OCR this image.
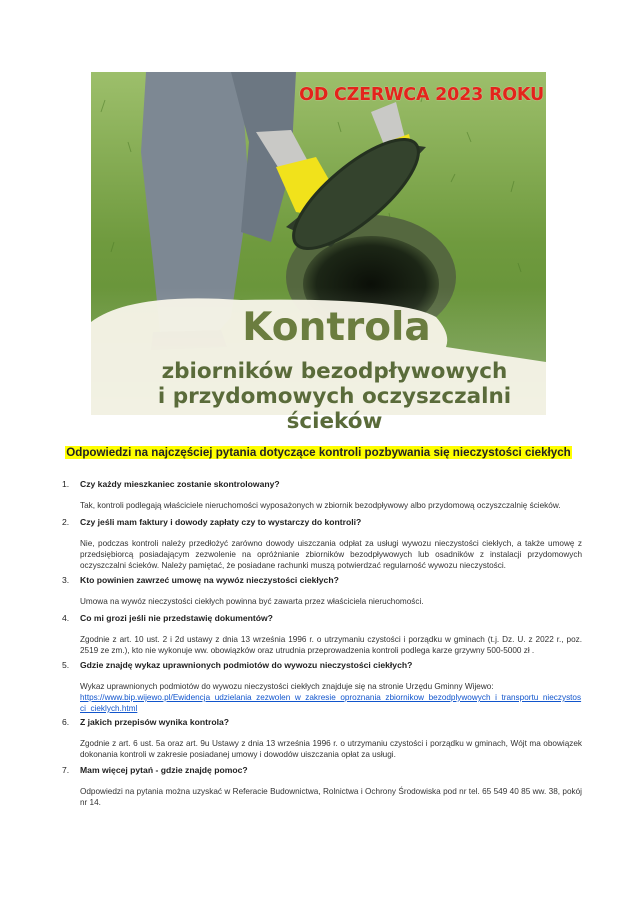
OD CZERWCA 2023 ROKU
Kontrola
zbiorników bezodpływowych
i przydomowych oczyszczalni ścieków
Odpowiedzi na najczęściej pytania dotyczące kontroli pozbywania się nieczystości ciekłych
1. Czy każdy mieszkaniec zostanie skontrolowany?
Tak, kontroli podlegają właściciele nieruchomości wyposażonych w zbiornik bezodpływowy albo przydomową oczyszczalnię ścieków.
2. Czy jeśli mam faktury i dowody zapłaty czy to wystarczy do kontroli?
Nie, podczas kontroli należy przedłożyć zarówno dowody uiszczania odpłat za usługi wywozu nieczystości ciekłych, a także umowę z przedsiębiorcą posiadającym zezwolenie na opróżnianie zbiorników bezodpływowych lub osadników z instalacji przydomowych oczyszczalni ścieków. Należy pamiętać, że posiadane rachunki muszą potwierdzać regularność wywozu nieczystości.
3. Kto powinien zawrzeć umowę na wywóz nieczystości ciekłych?
Umowa na wywóz nieczystości ciekłych powinna być zawarta przez właściciela nieruchomości.
4. Co mi grozi jeśli nie przedstawię dokumentów?
Zgodnie z art. 10 ust. 2 i 2d ustawy z dnia 13 września 1996 r. o utrzymaniu czystości i porządku w gminach (t.j. Dz. U. z 2022 r., poz. 2519 ze zm.), kto nie wykonuje ww. obowiązków oraz utrudnia przeprowadzenia kontroli podlega karze grzywny 500-5000 zł .
5. Gdzie znajdę wykaz uprawnionych podmiotów do wywozu nieczystości ciekłych?
Wykaz uprawnionych podmiotów do wywozu nieczystości ciekłych znajduje się na stronie Urzędu Gminny Wijewo:
https://www.bip.wijewo.pl/Ewidencja_udzielania_zezwolen_w_zakresie_oproznania_zbiornikow_bezodplywowych_i_transportu_nieczystosci_cieklych.html
6. Z jakich przepisów wynika kontrola?
Zgodnie z art. 6 ust. 5a oraz art. 9u Ustawy z dnia 13 września 1996 r. o utrzymaniu czystości i porządku w gminach, Wójt ma obowiązek dokonania kontroli w zakresie posiadanej umowy i dowodów uiszczania opłat za usługi.
7. Mam więcej pytań - gdzie znajdę pomoc?
Odpowiedzi na pytania można uzyskać w Referacie Budownictwa, Rolnictwa i Ochrony Środowiska pod nr tel. 65 549 40 85 ww. 38, pokój nr 14.
